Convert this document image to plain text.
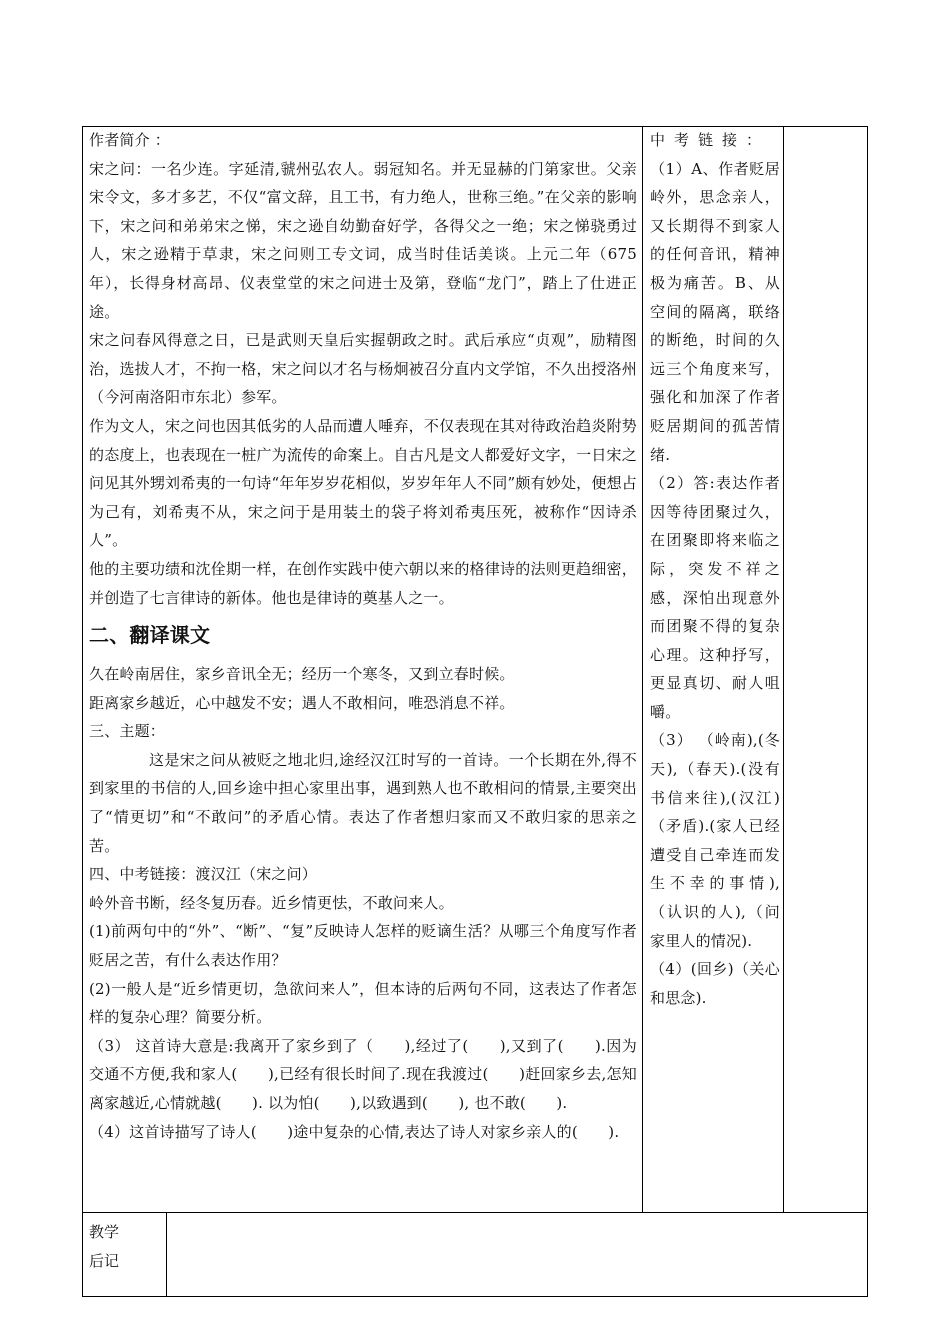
作者简介 ：

宋之问：一名少连。字延清,虢州弘农人。弱冠知名。并无显赫的门第家世。父亲宋令文，多才多艺，不仅“富文辞，且工书，有力绝人，世称三绝。”在父亲的影响下，宋之问和弟弟宋之悌，宋之逊自幼勤奋好学，各得父之一绝；宋之悌骁勇过人，宋之逊精于草隶，宋之问则工专文词，成当时佳话美谈。上元二年（675年），长得身材高昂、仪表堂堂的宋之问进士及第，登临“龙门”，踏上了仕进正途。

宋之问春风得意之日，已是武则天皇后实握朝政之时。武后承应“贞观”，励精图治，选拔人才，不拘一格，宋之问以才名与杨炯被召分直内文学馆，不久出授洛州（今河南洛阳市东北）参军。

作为文人，宋之问也因其低劣的人品而遭人唾弃，不仅表现在其对待政治趋炎附势的态度上，也表现在一桩广为流传的命案上。自古凡是文人都爱好文字，一日宋之问见其外甥刘希夷的一句诗“年年岁岁花相似，岁岁年年人不同”颇有妙处，便想占为己有，刘希夷不从，宋之问于是用装土的袋子将刘希夷压死，被称作“因诗杀人”。

他的主要功绩和沈佺期一样，在创作实践中使六朝以来的格律诗的法则更趋细密，并创造了七言律诗的新体。他也是律诗的奠基人之一。

二、翻译课文

久在岭南居住，家乡音讯全无；经历一个寒冬，又到立春时候。

距离家乡越近，心中越发不安；遇人不敢相问，唯恐消息不祥。

三、主题：

这是宋之问从被贬之地北归,途经汉江时写的一首诗。一个长期在外,得不到家里的书信的人,回乡途中担心家里出事，遇到熟人也不敢相问的情景,主要突出了“情更切”和“不敢问”的矛盾心情。表达了作者想归家而又不敢归家的思亲之苦。

四、中考链接：渡汉江（宋之问）

岭外音书断，经冬复历春。近乡情更怯，不敢问来人。

(1)前两句中的“外”、“断”、“复”反映诗人怎样的贬谪生活？从哪三个角度写作者贬居之苦，有什么表达作用？

(2)一般人是“近乡情更切，急欲问来人”，但本诗的后两句不同，这表达了作者怎样的复杂心理？简要分析。

（3） 这首诗大意是:我离开了家乡到了（　　),经过了(　　),又到了(　　).因为交通不方便,我和家人(　　),已经有很长时间了.现在我渡过(　　)赶回家乡去,怎知离家越近,心情就越(　　). 以为怕(　　),以致遇到(　　), 也不敢(　　).

（4）这首诗描写了诗人(　　)途中复杂的心情,表达了诗人对家乡亲人的(　　).

中考链接：

（1）A、作者贬居岭外，思念亲人，又长期得不到家人的任何音讯，精神极为痛苦。B、从空间的隔离，联络的断绝，时间的久远三个角度来写，强化和加深了作者贬居期间的孤苦情绪.

（2）答:表达作者因等待团聚过久，在团聚即将来临之际，突发不祥之感，深怕出现意外而团聚不得的复杂心理。这种抒写，更显真切、耐人咀嚼。

（3） （岭南),(冬天),（春天).(没有书信来往),(汉江)（矛盾).(家人已经遭受自己牵连而发生不幸的事情),（认识的人),（问家里人的情况).

（4）(回乡)（关心和思念).

教学
后记
